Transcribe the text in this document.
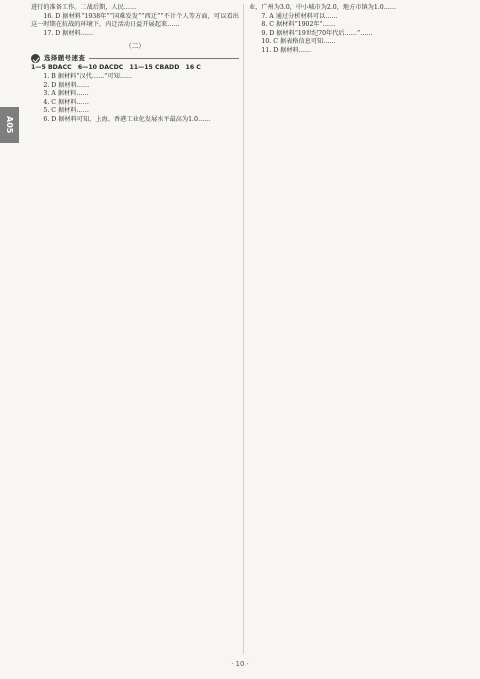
A05

进行的准备工作。二战后期，人民……

16. D 据材料“1938年”“国难发发”“西迁”“不计个人等方面，可以看出这一时期在抗战的环境下，内迁活动日益开展起来……

17. D 据材料……

（二）
选择题号速查
1—5 BDACC　6—10 DACDC　11—15 CBADD　16 C

1. B 据材料“汉代……”可知……

2. D 据材料……

3. A 据材料……

4. C 据材料……

5. C 据材料……

6. D 据材料可知，上海、香港工业化发展水平最高为1.0……

业，广州为3.0，中小城市为2.0，地方市镇为1.0……

7. A 通过分析材料可以……

8. C 据材料“1902年”……

9. D 据材料“19世纪70年代后……”……

10. C 据表格信息可知……

11. D 据材料……

· 10 ·
